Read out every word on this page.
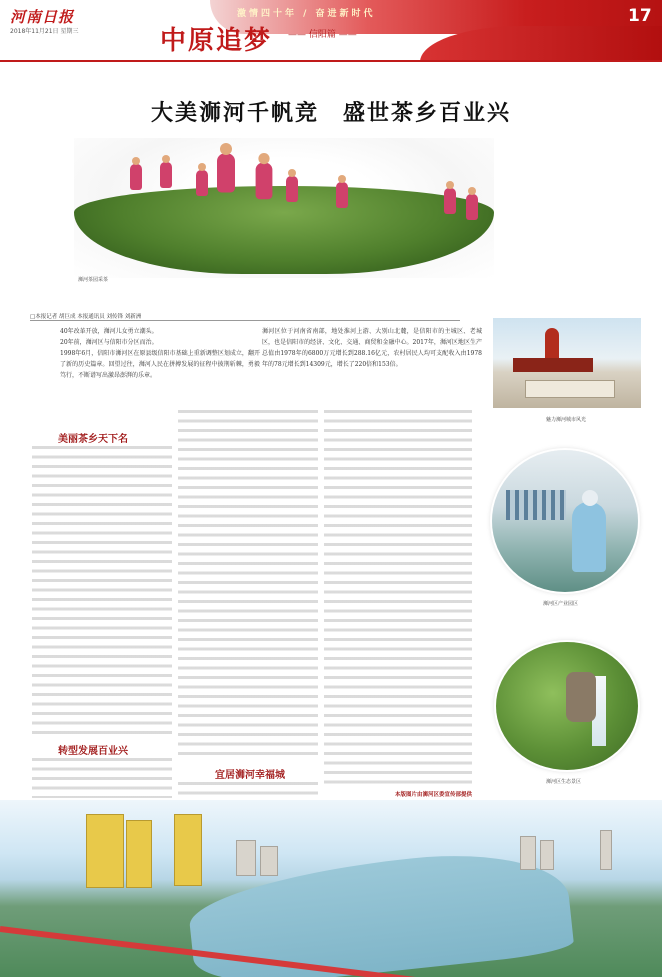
河南日报
2018年11月21日 星期三
激情四十年 / 奋进新时代	17
中原追梦 —— 信阳篇 ——
大美浉河千帆竞　盛世茶乡百业兴
浉河茶园采茶
□本报记者 胡巨成 本报通讯员 刘传锋 刘新洲
40年改革开放，浉河儿女勇立潮头。
20年前，浉河区与信阳市分区而治。
1998年6月，信阳市浉河区在原县级信阳市基础上重新调整区划成立，翻开了新的历史篇章。回望过往，浉河人民在拼搏发展的征程中披荆斩棘，勇毅笃行，不断谱写出激昂澎湃的乐章。
浉河区位于河南省南部，地处淮河上游、大别山北麓，是信阳市的主城区、老城区，也是信阳市的经济、文化、交通、商贸和金融中心。2017年，浉河区地区生产总值由1978年的6800万元增长到288.16亿元，农村居民人均可支配收入由1978年的78元增长到14309元，增长了220倍和153倍。
美丽茶乡天下名
转型发展百业兴
宜居浉河幸福城
魅力浉河城市风光
浉河区产业园区
浉河区生态景区
本版图片由浉河区委宣传部提供
